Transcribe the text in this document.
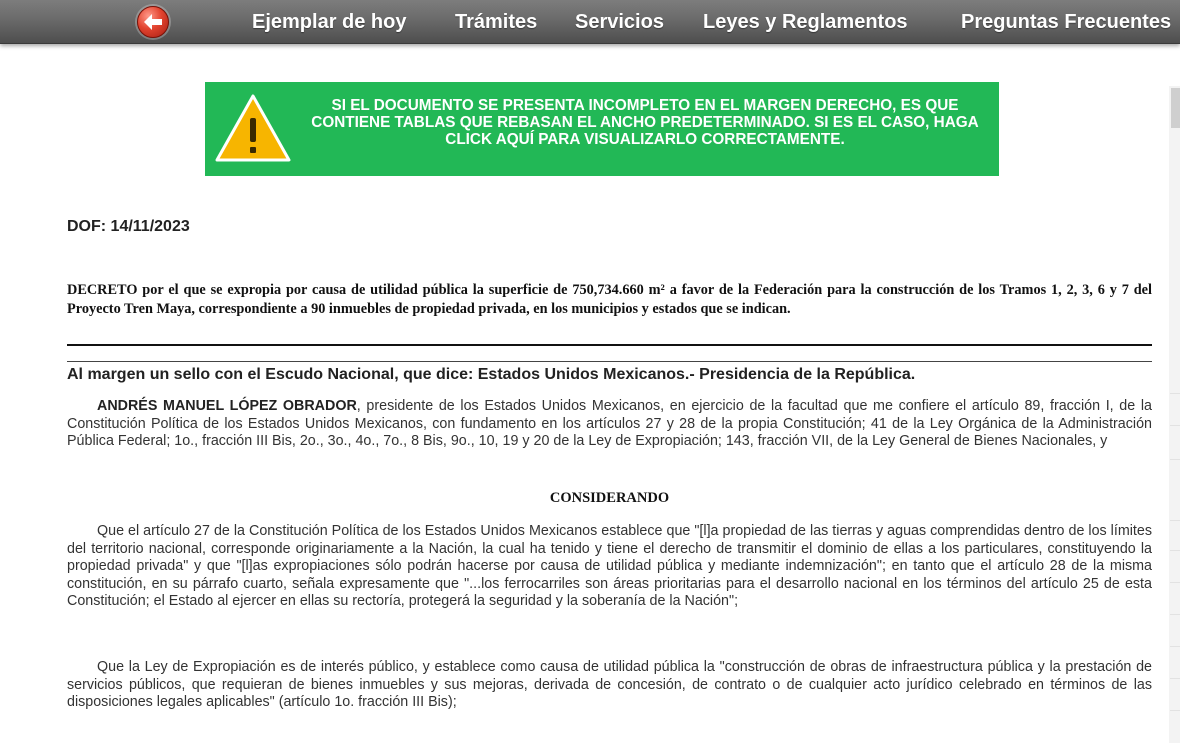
Ejemplar de hoy Trámites Servicios Leyes y Reglamentos	Preguntas Frecuentes
SI EL DOCUMENTO SE PRESENTA INCOMPLETO EN EL MARGEN DERECHO, ES QUE CONTIENE TABLAS QUE REBASAN EL ANCHO PREDETERMINADO. SI ES EL CASO, HAGA CLICK AQUÍ PARA VISUALIZARLO CORRECTAMENTE.
DOF: 14/11/2023
DECRETO por el que se expropia por causa de utilidad pública la superficie de 750,734.660 m² a favor de la Federación para la construcción de los Tramos 1, 2, 3, 6 y 7 del Proyecto Tren Maya, correspondiente a 90 inmuebles de propiedad privada, en los municipios y estados que se indican.
Al margen un sello con el Escudo Nacional, que dice: Estados Unidos Mexicanos.- Presidencia de la República.
ANDRÉS MANUEL LÓPEZ OBRADOR, presidente de los Estados Unidos Mexicanos, en ejercicio de la facultad que me confiere el artículo 89, fracción I, de la Constitución Política de los Estados Unidos Mexicanos, con fundamento en los artículos 27 y 28 de la propia Constitución; 41 de la Ley Orgánica de la Administración Pública Federal; 1o., fracción III Bis, 2o., 3o., 4o., 7o., 8 Bis, 9o., 10, 19 y 20 de la Ley de Expropiación; 143, fracción VII, de la Ley General de Bienes Nacionales, y
CONSIDERANDO
Que el artículo 27 de la Constitución Política de los Estados Unidos Mexicanos establece que "[l]a propiedad de las tierras y aguas comprendidas dentro de los límites del territorio nacional, corresponde originariamente a la Nación, la cual ha tenido y tiene el derecho de transmitir el dominio de ellas a los particulares, constituyendo la propiedad privada" y que "[l]as expropiaciones sólo podrán hacerse por causa de utilidad pública y mediante indemnización"; en tanto que el artículo 28 de la misma constitución, en su párrafo cuarto, señala expresamente que "...los ferrocarriles son áreas prioritarias para el desarrollo nacional en los términos del artículo 25 de esta Constitución; el Estado al ejercer en ellas su rectoría, protegerá la seguridad y la soberanía de la Nación";
Que la Ley de Expropiación es de interés público, y establece como causa de utilidad pública la "construcción de obras de infraestructura pública y la prestación de servicios públicos, que requieran de bienes inmuebles y sus mejoras, derivada de concesión, de contrato o de cualquier acto jurídico celebrado en términos de las disposiciones legales aplicables" (artículo 1o. fracción III Bis);
